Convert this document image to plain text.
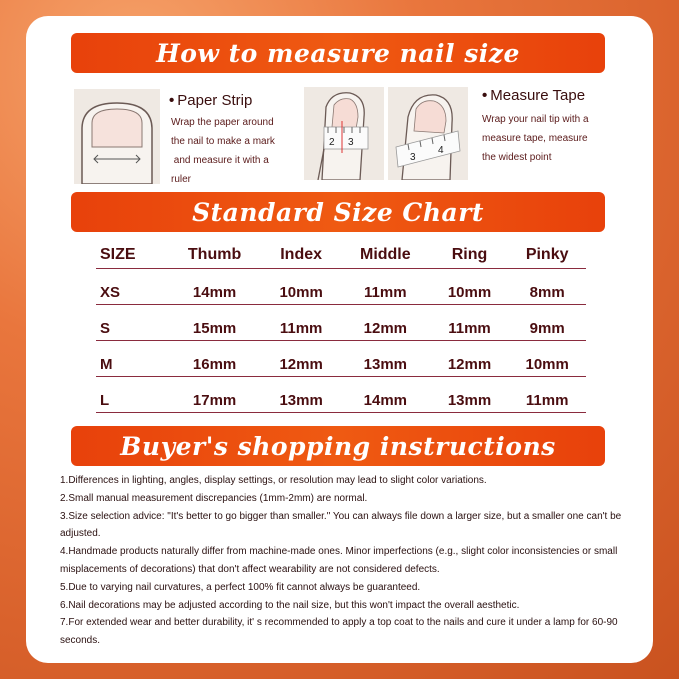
How to measure nail size
• Paper Strip
Wrap the paper around
the nail to make a mark
and measure it with a
ruler
2 3
3
4
• Measure Tape
Wrap your nail tip with a
measure tape, measure
the widest point
Standard Size Chart
SIZE	Thumb	Index	Middle	Ring	Pinky
XS	14mm	10mm	11mm	10mm	8mm
S	15mm	11mm	12mm	11mm	9mm
M	16mm	12mm	13mm	12mm	10mm
L	17mm	13mm	14mm	13mm	11mm
Buyer's shopping instructions
1.Differences in lighting, angles, display settings, or resolution may lead to slight color variations.
2.Small manual measurement discrepancies (1mm-2mm) are normal.
3.Size selection advice: "It's better to go bigger than smaller." You can always file down a larger size, but a smaller one can't be adjusted.
4.Handmade products naturally differ from machine-made ones. Minor imperfections (e.g., slight color inconsistencies or small misplacements of decorations) that don't affect wearability are not considered defects.
5.Due to varying nail curvatures, a perfect 100% fit cannot always be guaranteed.
6.Nail decorations may be adjusted according to the nail size, but this won't impact the overall aesthetic.
7.For extended wear and better durability, it' s recommended to apply a top coat to the nails and cure it under a lamp for 60-90 seconds.
